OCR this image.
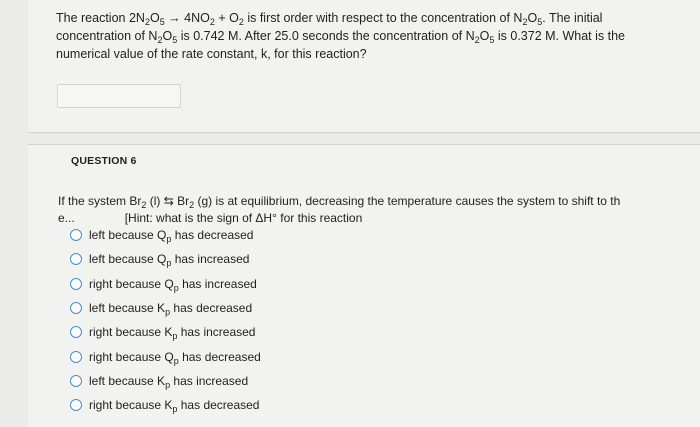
The reaction $2N_2O_5 \to 4NO_2 + O_2$ is first order with respect to the concentration of $N_2O_5$. The initial
concentration of $N_2O_5$ is 0.742 M. After 25.0 seconds the concentration of $N_2O_5$ is 0.372 M. What is the
numerical value of the rate constant, k, for this reaction?
QUESTION 6
If the system $Br_2$ (l) ⇆ $Br_2$ (g) is at equilibrium, decreasing the temperature causes the system to shift to th
e...	[Hint: what is the sign of ΔH° for this reaction
left because $Q_p$ has decreased
left because $Q_p$ has increased
right because $Q_p$ has increased
left because $K_p$ has decreased
right because $K_p$ has increased
right because $Q_p$ has decreased
left because $K_p$ has increased
right because $K_p$ has decreased
